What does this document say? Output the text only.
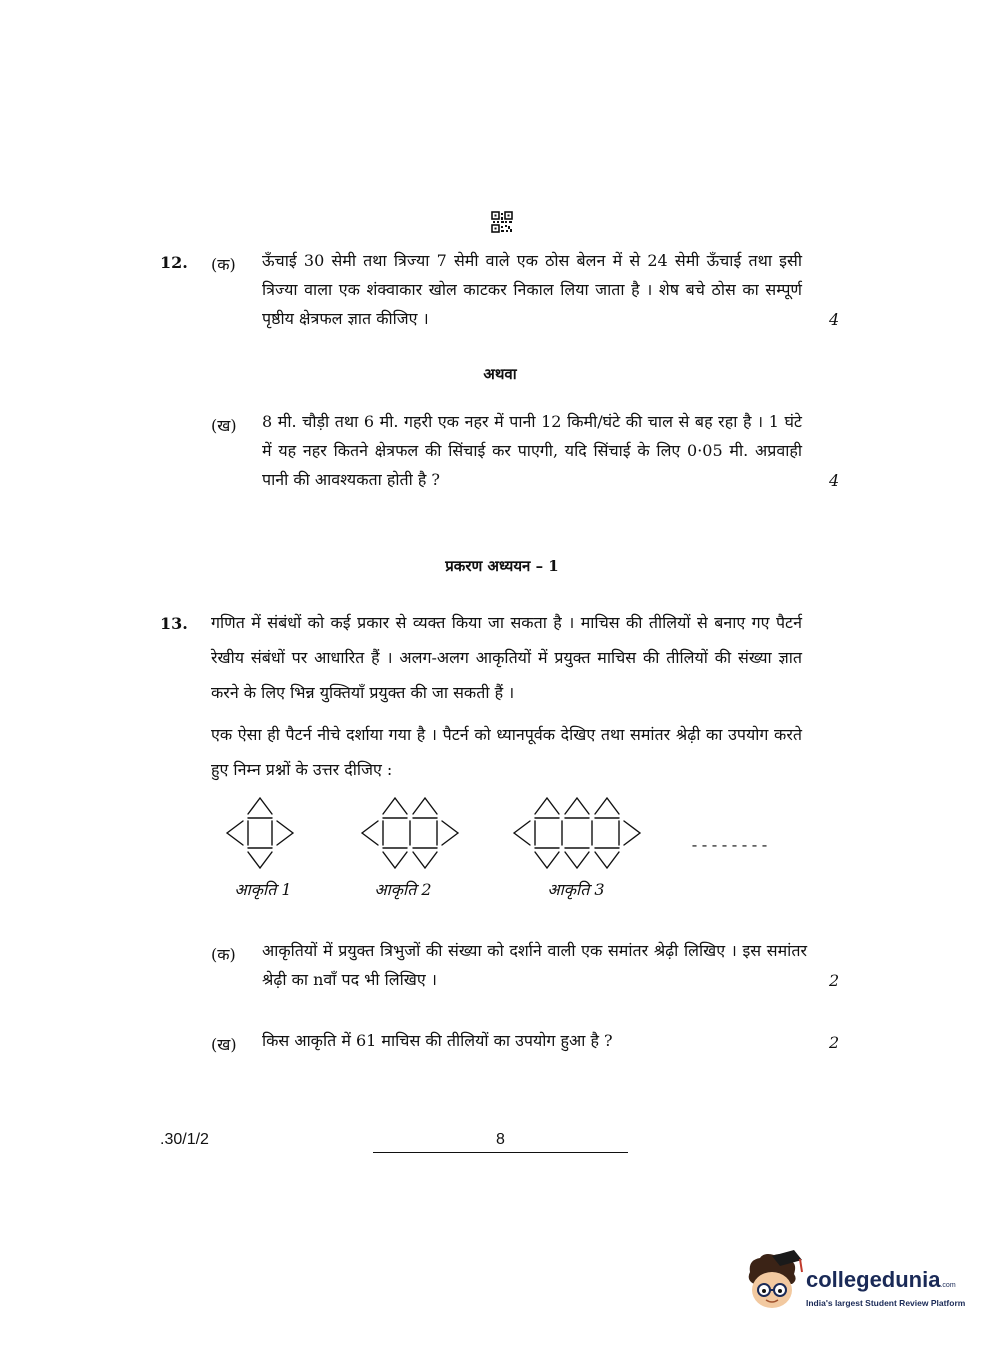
12. (क) ऊँचाई 30 सेमी तथा त्रिज्या 7 सेमी वाले एक ठोस बेलन में से 24 सेमी ऊँचाई तथा इसी त्रिज्या वाला एक शंक्वाकार खोल काटकर निकाल लिया जाता है । शेष बचे ठोस का सम्पूर्ण पृष्ठीय क्षेत्रफल ज्ञात कीजिए ।	4
अथवा
(ख) 8 मी. चौड़ी तथा 6 मी. गहरी एक नहर में पानी 12 किमी/घंटे की चाल से बह रहा है । 1 घंटे में यह नहर कितने क्षेत्रफल की सिंचाई कर पाएगी, यदि सिंचाई के लिए 0·05 मी. अप्रवाही पानी की आवश्यकता होती है ?	4
प्रकरण अध्ययन – 1
13. गणित में संबंधों को कई प्रकार से व्यक्त किया जा सकता है । माचिस की तीलियों से बनाए गए पैटर्न रेखीय संबंधों पर आधारित हैं । अलग-अलग आकृतियों में प्रयुक्त माचिस की तीलियों की संख्या ज्ञात करने के लिए भिन्न युक्तियाँ प्रयुक्त की जा सकती हैं ।
एक ऐसा ही पैटर्न नीचे दर्शाया गया है । पैटर्न को ध्यानपूर्वक देखिए तथा समांतर श्रेढ़ी का उपयोग करते हुए निम्न प्रश्नों के उत्तर दीजिए :
--------
आकृति 1	आकृति 2	आकृति 3
(क) आकृतियों में प्रयुक्त त्रिभुजों की संख्या को दर्शाने वाली एक समांतर श्रेढ़ी लिखिए । इस समांतर श्रेढ़ी का nवाँ पद भी लिखिए ।	2
(ख) किस आकृति में 61 माचिस की तीलियों का उपयोग हुआ है ?	2
.30/1/2	8
collegedunia.com
India's largest Student Review Platform
